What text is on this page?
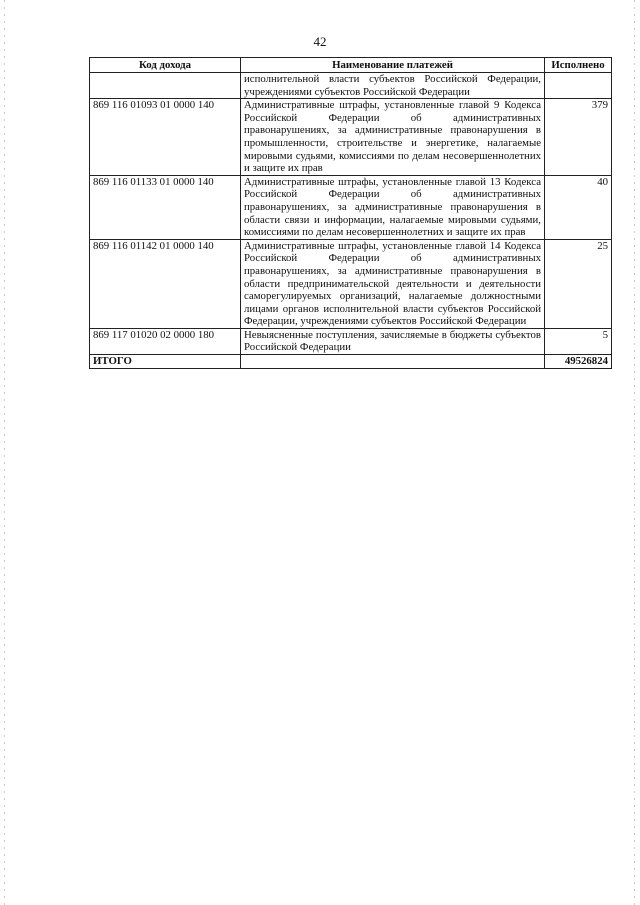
42
Код дохода	Наименование платежей	Исполнено
	исполнительной власти субъектов Российской Федерации, учреждениями субъектов Российской Федерации	
869 116 01093 01 0000 140	Административные штрафы, установленные главой 9 Кодекса Российской Федерации об административных правонарушениях, за административные правонарушения в промышленности, строительстве и энергетике, налагаемые мировыми судьями, комиссиями по делам несовершеннолетних и защите их прав	379
869 116 01133 01 0000 140	Административные штрафы, установленные главой 13 Кодекса Российской Федерации об административных правонарушениях, за административные правонарушения в области связи и информации, налагаемые мировыми судьями, комиссиями по делам несовершеннолетних и защите их прав	40
869 116 01142 01 0000 140	Административные штрафы, установленные главой 14 Кодекса Российской Федерации об административных правонарушениях, за административные правонарушения в области предпринимательской деятельности и деятельности саморегулируемых организаций, налагаемые должностными лицами органов исполнительной власти субъектов Российской Федерации, учреждениями субъектов Российской Федерации	25
869 117 01020 02 0000 180	Невыясненные поступления, зачисляемые в бюджеты субъектов Российской Федерации	5
ИТОГО		49526824
